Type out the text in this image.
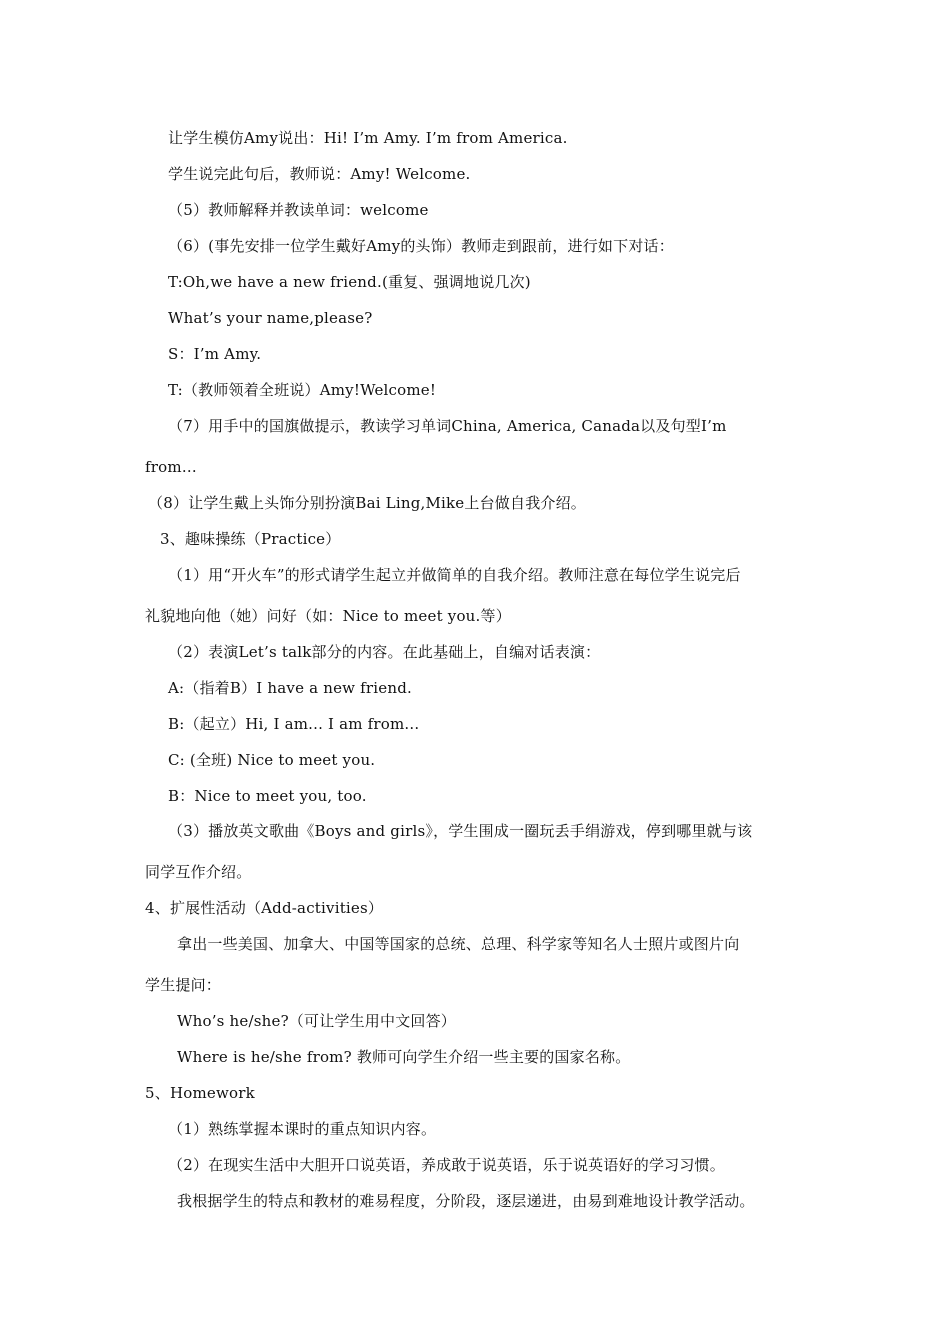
让学生模仿Amy说出：Hi! I’m Amy. I’m from America.
学生说完此句后，教师说：Amy! Welcome.
（5）教师解释并教读单词：welcome
（6）(事先安排一位学生戴好Amy的头饰）教师走到跟前，进行如下对话：
T:Oh,we have a new friend.(重复、强调地说几次)
What’s your name,please?
S：I’m Amy.
T:（教师领着全班说）Amy!Welcome!
（7）用手中的国旗做提示，教读学习单词China, America, Canada以及句型I’m
from…
（8）让学生戴上头饰分别扮演Bai Ling,Mike上台做自我介绍。
3、趣味操练（Practice）
（1）用“开火车”的形式请学生起立并做简单的自我介绍。教师注意在每位学生说完后
礼貌地向他（她）问好（如：Nice to meet you.等）
（2）表演Let’s talk部分的内容。在此基础上，自编对话表演：
A:（指着B）I have a new friend.
B:（起立）Hi, I am... I am from...
C: (全班) Nice to meet you.
B：Nice to meet you, too.
（3）播放英文歌曲《Boys and girls》，学生围成一圈玩丢手绢游戏，停到哪里就与该
同学互作介绍。
4、扩展性活动（Add-activities）
拿出一些美国、加拿大、中国等国家的总统、总理、科学家等知名人士照片或图片向
学生提问：
Who’s he/she?（可让学生用中文回答）
Where is he/she from? 教师可向学生介绍一些主要的国家名称。
5、Homework
（1）熟练掌握本课时的重点知识内容。
（2）在现实生活中大胆开口说英语，养成敢于说英语，乐于说英语好的学习习惯。
我根据学生的特点和教材的难易程度，分阶段，逐层递进，由易到难地设计教学活动。
